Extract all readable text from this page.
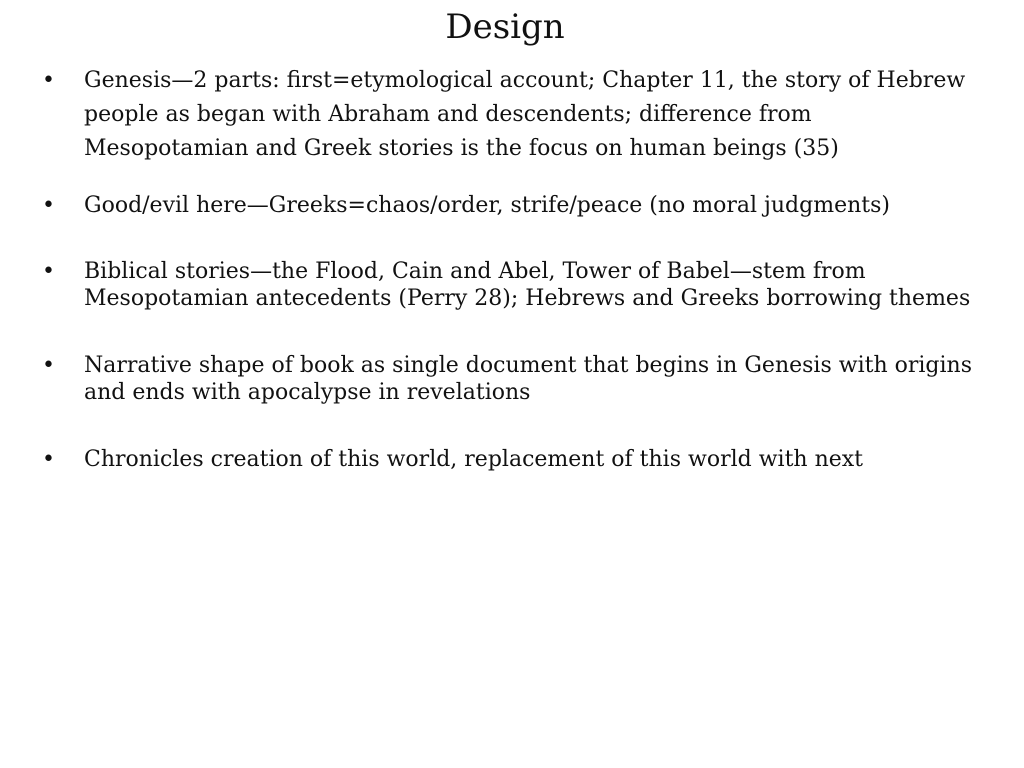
Design
• Genesis—2 parts: first=etymological account; Chapter 11, the story of Hebrew people as began with Abraham and descendents; difference from Mesopotamian and Greek stories is the focus on human beings (35)
• Good/evil here—Greeks=chaos/order, strife/peace (no moral judgments)
• Biblical stories—the Flood, Cain and Abel, Tower of Babel—stem from Mesopotamian antecedents (Perry 28); Hebrews and Greeks borrowing themes
• Narrative shape of book as single document that begins in Genesis with origins and ends with apocalypse in revelations
• Chronicles creation of this world, replacement of this world with next
